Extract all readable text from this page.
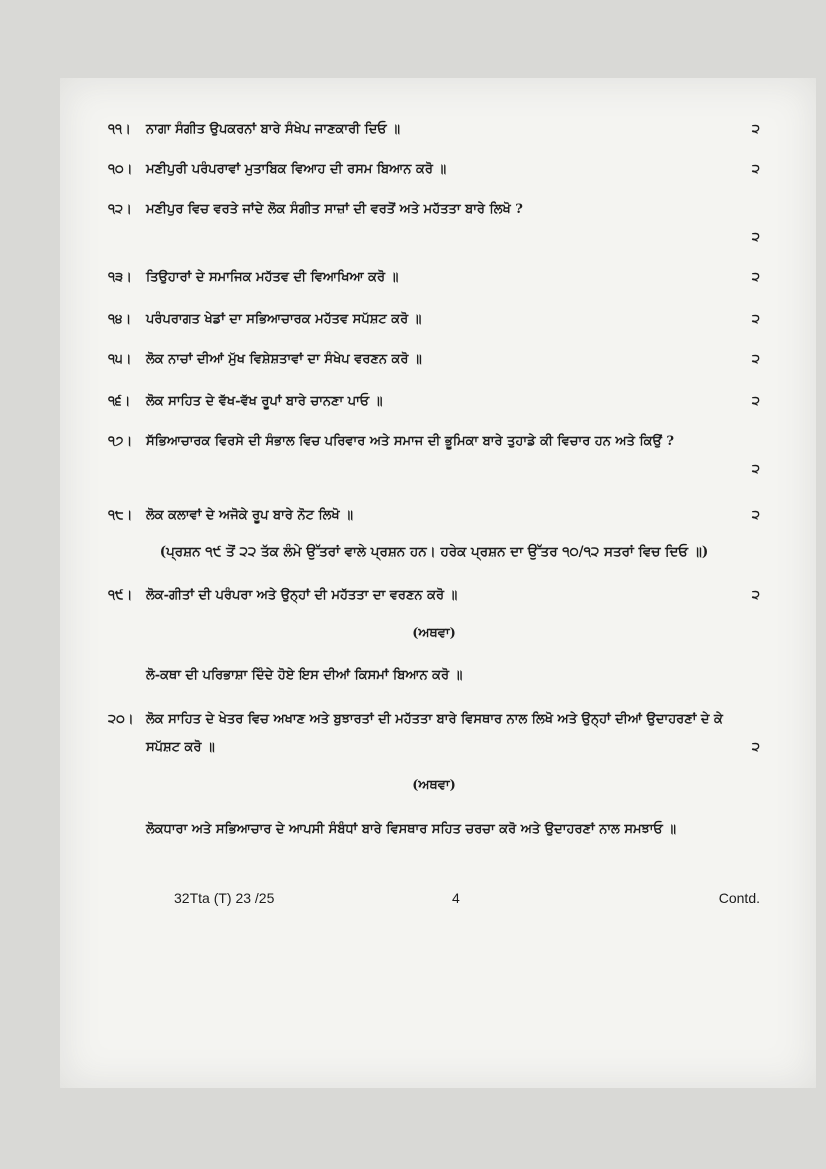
੧੧।	ਨਾਗਾ ਸੰਗੀਤ ਉਪਕਰਨਾਂ ਬਾਰੇ ਸੰਖੇਪ ਜਾਣਕਾਰੀ ਦਿਓ ॥	੨
੧੦।	ਮਣੀਪੁਰੀ ਪਰੰਪਰਾਵਾਂ ਮੁਤਾਬਿਕ ਵਿਆਹ ਦੀ ਰਸਮ ਬਿਆਨ ਕਰੋ ॥	੨
੧੨।	ਮਣੀਪੁਰ ਵਿਚ ਵਰਤੇ ਜਾਂਦੇ ਲੋਕ ਸੰਗੀਤ ਸਾਜ਼ਾਂ ਦੀ ਵਰਤੋਂ ਅਤੇ ਮਹੱਤਤਾ ਬਾਰੇ ਲਿਖੋ ?
੨
੧੩।	ਤਿਉਹਾਰਾਂ ਦੇ ਸਮਾਜਿਕ ਮਹੱਤਵ ਦੀ ਵਿਆਖਿਆ ਕਰੋ ॥	੨
੧੪।	ਪਰੰਪਰਾਗਤ ਖੇਡਾਂ ਦਾ ਸਭਿਆਚਾਰਕ ਮਹੱਤਵ ਸਪੱਸ਼ਟ ਕਰੋ ॥	੨
੧੫।	ਲੋਕ ਨਾਚਾਂ ਦੀਆਂ ਮੁੱਖ ਵਿਸ਼ੇਸ਼ਤਾਵਾਂ ਦਾ ਸੰਖੇਪ ਵਰਣਨ ਕਰੋ ॥	੨
੧੬।	ਲੋਕ ਸਾਹਿਤ ਦੇ ਵੱਖ-ਵੱਖ ਰੂਪਾਂ ਬਾਰੇ ਚਾਨਣਾ ਪਾਓ ॥	੨
੧੭।	ਸੱਭਿਆਚਾਰਕ ਵਿਰਸੇ ਦੀ ਸੰਭਾਲ ਵਿਚ ਪਰਿਵਾਰ ਅਤੇ ਸਮਾਜ ਦੀ ਭੂਮਿਕਾ ਬਾਰੇ ਤੁਹਾਡੇ ਕੀ ਵਿਚਾਰ ਹਨ ਅਤੇ ਕਿਉਂ ?
੨
੧੮।	ਲੋਕ ਕਲਾਵਾਂ ਦੇ ਅਜੋਕੇ ਰੂਪ ਬਾਰੇ ਨੋਟ ਲਿਖੋ ॥	੨
(ਪ੍ਰਸ਼ਨ ੧੯ ਤੋਂ ੨੨ ਤੱਕ ਲੰਮੇ ਉੱਤਰਾਂ ਵਾਲੇ ਪ੍ਰਸ਼ਨ ਹਨ। ਹਰੇਕ ਪ੍ਰਸ਼ਨ ਦਾ ਉੱਤਰ ੧੦/੧੨ ਸਤਰਾਂ ਵਿਚ ਦਿਓ ॥)
੧੯।	ਲੋਕ-ਗੀਤਾਂ ਦੀ ਪਰੰਪਰਾ ਅਤੇ ਉਨ੍ਹਾਂ ਦੀ ਮਹੱਤਤਾ ਦਾ ਵਰਣਨ ਕਰੋ ॥	੨
(ਅਥਵਾ)
ਲੋ-ਕਥਾ ਦੀ ਪਰਿਭਾਸ਼ਾ ਦਿੰਦੇ ਹੋਏ ਇਸ ਦੀਆਂ ਕਿਸਮਾਂ ਬਿਆਨ ਕਰੋ ॥
੨੦। ਲੋਕ ਸਾਹਿਤ ਦੇ ਖੇਤਰ ਵਿਚ ਅਖਾਣ ਅਤੇ ਬੁਝਾਰਤਾਂ ਦੀ ਮਹੱਤਤਾ ਬਾਰੇ ਵਿਸਥਾਰ ਨਾਲ ਲਿਖੋ ਅਤੇ ਉਨ੍ਹਾਂ ਦੀਆਂ ਉਦਾਹਰਣਾਂ ਦੇ ਕੇ ਸਪੱਸ਼ਟ ਕਰੋ ॥	੨
(ਅਥਵਾ)
ਲੋਕਧਾਰਾ ਅਤੇ ਸਭਿਆਚਾਰ ਦੇ ਆਪਸੀ ਸੰਬੰਧਾਂ ਬਾਰੇ ਵਿਸਥਾਰ ਸਹਿਤ ਚਰਚਾ ਕਰੋ ਅਤੇ ਉਦਾਹਰਣਾਂ ਨਾਲ ਸਮਝਾਓ ॥
32Tta (T) 23 /25	4	Contd.
